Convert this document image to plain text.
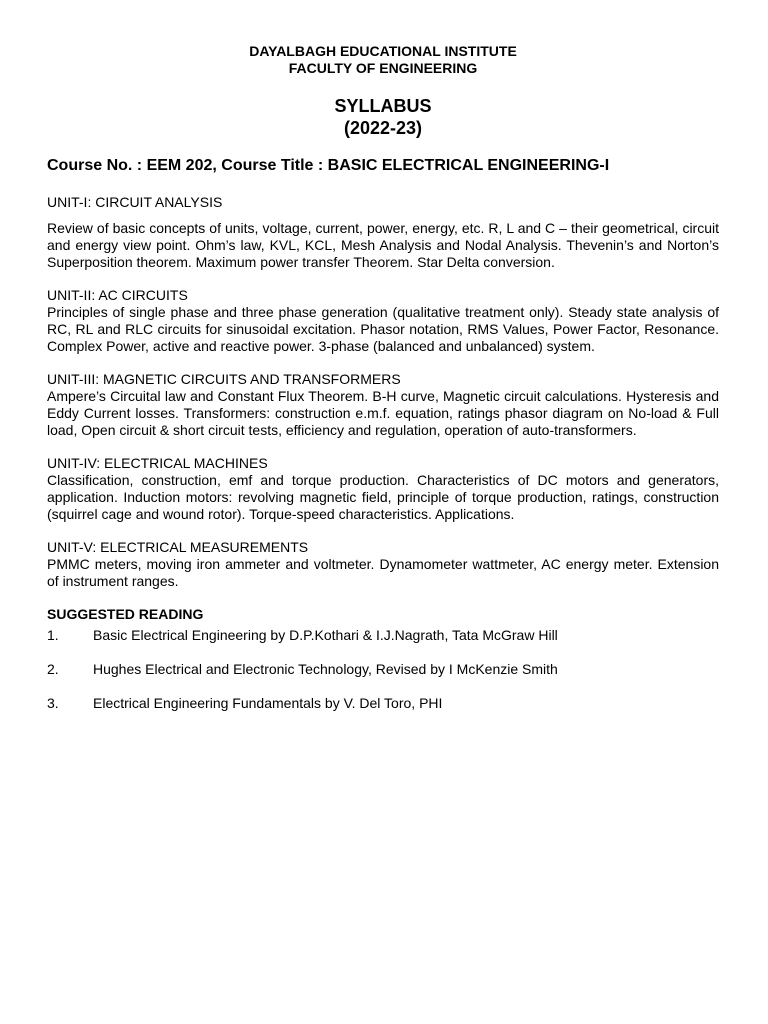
DAYALBAGH EDUCATIONAL INSTITUTE
FACULTY OF ENGINEERING
SYLLABUS
(2022-23)
Course No. : EEM 202, Course Title : BASIC ELECTRICAL ENGINEERING-I
UNIT-I: CIRCUIT ANALYSIS
Review of basic concepts of units, voltage, current, power, energy, etc. R, L and C – their geometrical, circuit and energy view point. Ohm’s law, KVL, KCL, Mesh Analysis and Nodal Analysis. Thevenin’s and Norton’s Superposition theorem. Maximum power transfer Theorem. Star Delta conversion.
UNIT-II: AC CIRCUITS
Principles of single phase and three phase generation (qualitative treatment only). Steady state analysis of RC, RL and RLC circuits for sinusoidal excitation. Phasor notation, RMS Values, Power Factor, Resonance. Complex Power, active and reactive power. 3-phase (balanced and unbalanced) system.
UNIT-III: MAGNETIC CIRCUITS AND TRANSFORMERS
Ampere’s Circuital law and Constant Flux Theorem. B-H curve, Magnetic circuit calculations. Hysteresis and Eddy Current losses. Transformers: construction e.m.f. equation, ratings phasor diagram on No-load & Full load, Open circuit & short circuit tests, efficiency and regulation, operation of auto-transformers.
UNIT-IV: ELECTRICAL MACHINES
Classification, construction, emf and torque production. Characteristics of DC motors and generators, application. Induction motors: revolving magnetic field, principle of torque production, ratings, construction (squirrel cage and wound rotor). Torque-speed characteristics. Applications.
UNIT-V: ELECTRICAL MEASUREMENTS
PMMC meters, moving iron ammeter and voltmeter. Dynamometer wattmeter, AC energy meter. Extension of instrument ranges.
SUGGESTED READING
1.	Basic Electrical Engineering by D.P.Kothari & I.J.Nagrath, Tata McGraw Hill
2.	Hughes Electrical and Electronic Technology, Revised by I McKenzie Smith
3.	Electrical Engineering Fundamentals by V. Del Toro, PHI
